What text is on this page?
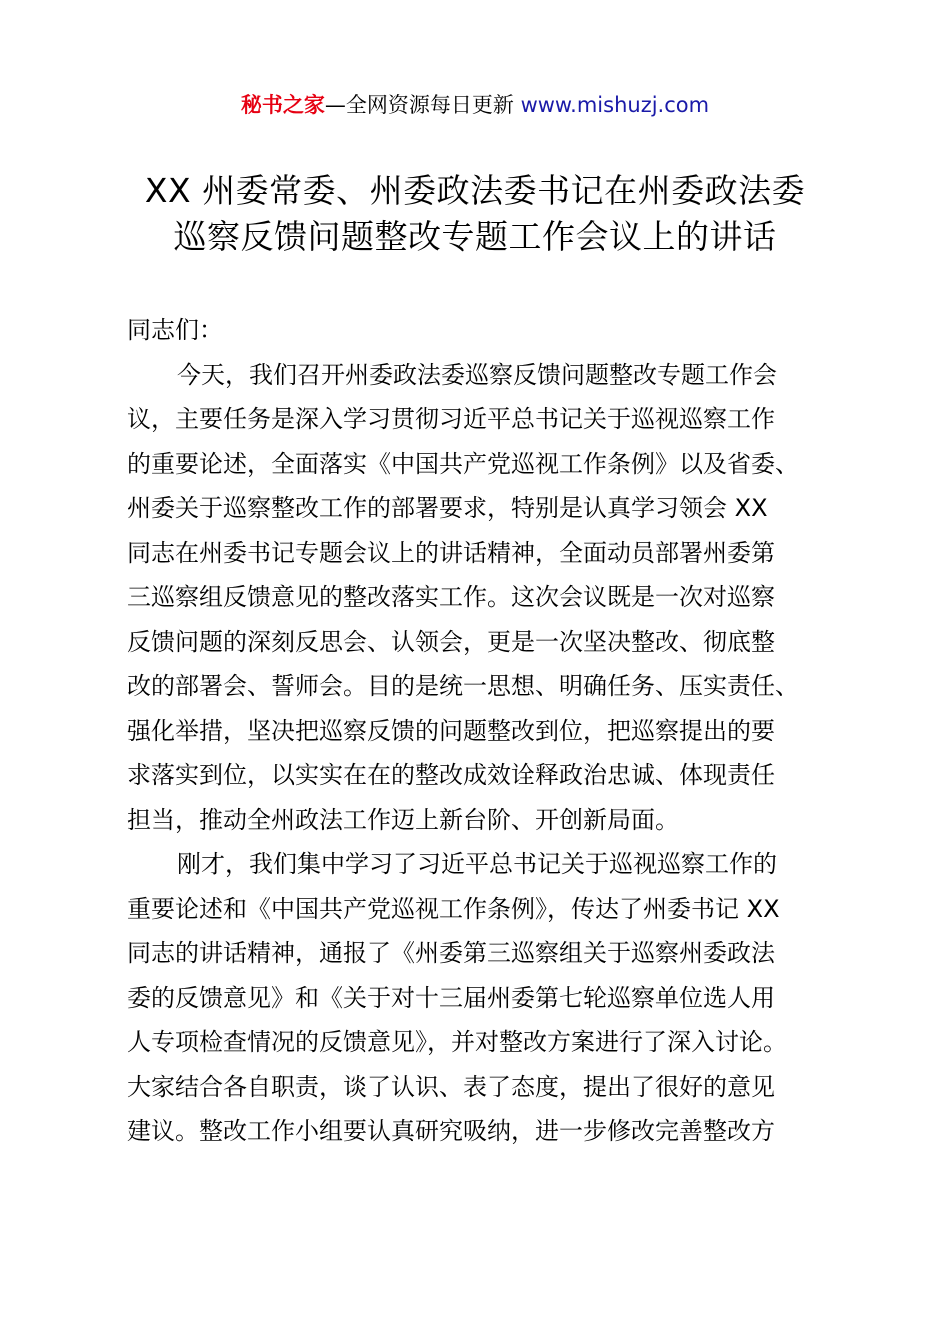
秘书之家—全网资源每日更新 www.mishuzj.com
XX 州委常委、州委政法委书记在州委政法委
巡察反馈问题整改专题工作会议上的讲话
同志们：
今天，我们召开州委政法委巡察反馈问题整改专题工作会
议，主要任务是深入学习贯彻习近平总书记关于巡视巡察工作
的重要论述，全面落实《中国共产党巡视工作条例》以及省委、
州委关于巡察整改工作的部署要求，特别是认真学习领会 XX
同志在州委书记专题会议上的讲话精神，全面动员部署州委第
三巡察组反馈意见的整改落实工作。这次会议既是一次对巡察
反馈问题的深刻反思会、认领会，更是一次坚决整改、彻底整
改的部署会、誓师会。目的是统一思想、明确任务、压实责任、
强化举措，坚决把巡察反馈的问题整改到位，把巡察提出的要
求落实到位，以实实在在的整改成效诠释政治忠诚、体现责任
担当，推动全州政法工作迈上新台阶、开创新局面。
刚才，我们集中学习了习近平总书记关于巡视巡察工作的
重要论述和《中国共产党巡视工作条例》，传达了州委书记 XX
同志的讲话精神，通报了《州委第三巡察组关于巡察州委政法
委的反馈意见》和《关于对十三届州委第七轮巡察单位选人用
人专项检查情况的反馈意见》，并对整改方案进行了深入讨论。
大家结合各自职责，谈了认识、表了态度，提出了很好的意见
建议。整改工作小组要认真研究吸纳，进一步修改完善整改方
